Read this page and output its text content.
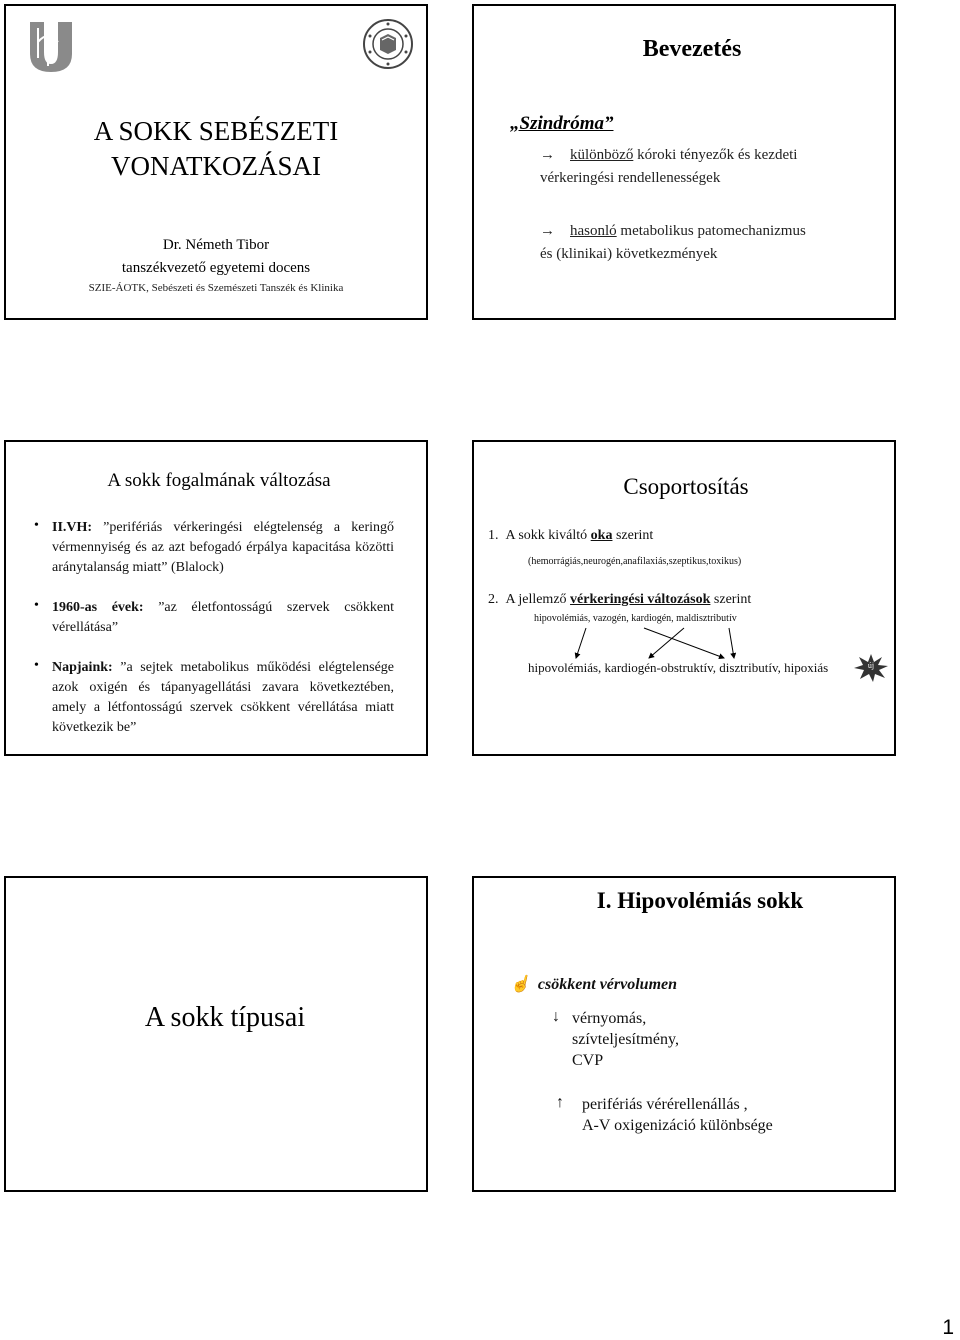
A SOKK SEBÉSZETI
VONATKOZÁSAI
Dr. Németh Tibor
tanszékvezető egyetemi docens
SZIE-ÁOTK, Sebészeti és Szemészeti Tanszék és Klinika
Bevezetés
„Szindróma”
→ különböző kóroki tényezők és kezdeti
vérkeringési rendellenességek
→ hasonló metabolikus patomechanizmus
és (klinikai) következmények
A sokk fogalmának változása
• II.VH: ”perifériás vérkeringési elégtelenség a keringő vérmennyiség és az azt befogadó érpálya kapacitása közötti aránytalanság miatt” (Blalock)
• 1960-as évek: ”az életfontosságú szervek csökkent vérellátása”
• Napjaink: ”a sejtek metabolikus működési elégtelensége azok oxigén és tápanyagellátási zavara következtében, amely a létfontosságú szervek csökkent vérellátása miatt következik be”
Csoportosítás
1. A sokk kiváltó oka szerint
(hemorrágiás,neurogén,anafilaxiás,szeptikus,toxikus)
2. A jellemző vérkeringési változások szerint
hipovolémiás, vazogén, kardiogén, maldisztributív
hipovolémiás, kardiogén-obstruktív, disztributív, hipoxiás	új
A sokk típusai
I. Hipovolémiás sokk
☝ csökkent vérvolumen
↓ vérnyomás,
szívteljesítmény,
CVP
↑ perifériás vérérellenállás ,
A-V oxigenizáció különbsége
1
